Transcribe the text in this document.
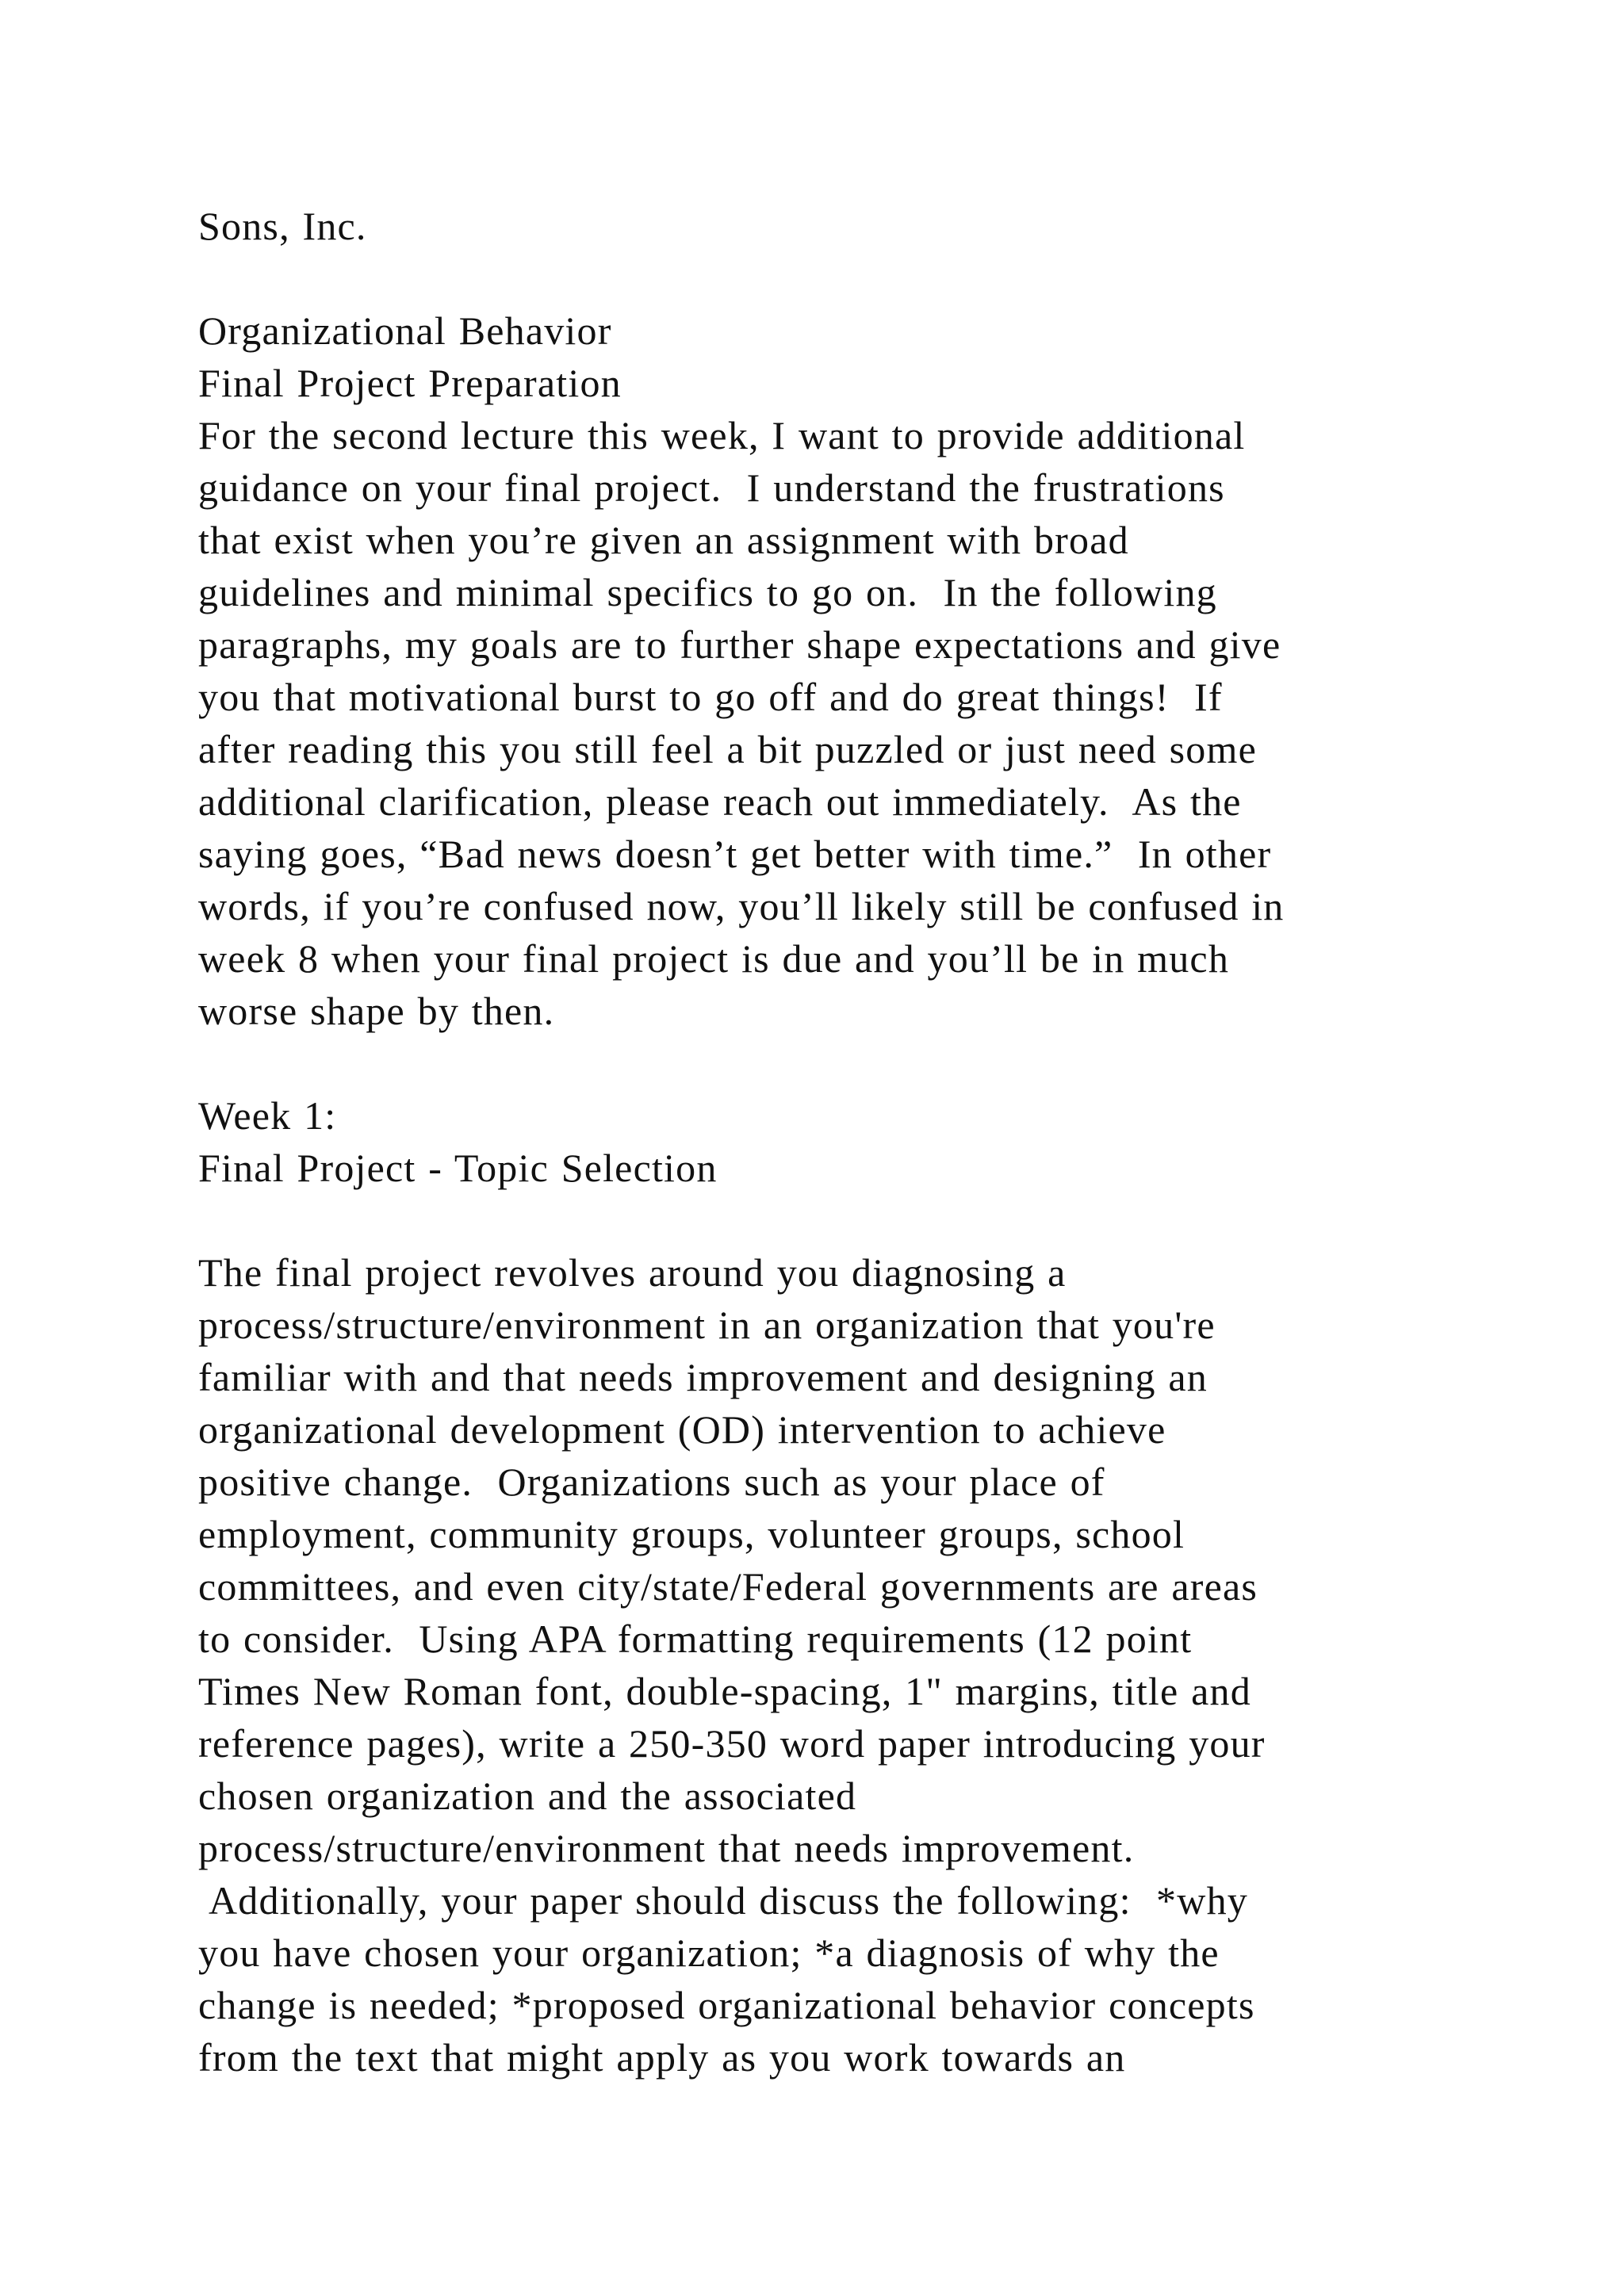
Sons, Inc.
Organizational Behavior
Final Project Preparation
For the second lecture this week, I want to provide additional
guidance on your final project.  I understand the frustrations
that exist when you’re given an assignment with broad
guidelines and minimal specifics to go on.  In the following
paragraphs, my goals are to further shape expectations and give
you that motivational burst to go off and do great things!  If
after reading this you still feel a bit puzzled or just need some
additional clarification, please reach out immediately.  As the
saying goes, “Bad news doesn’t get better with time.”  In other
words, if you’re confused now, you’ll likely still be confused in
week 8 when your final project is due and you’ll be in much
worse shape by then.
Week 1:
Final Project - Topic Selection
The final project revolves around you diagnosing a
process/structure/environment in an organization that you're
familiar with and that needs improvement and designing an
organizational development (OD) intervention to achieve
positive change.  Organizations such as your place of
employment, community groups, volunteer groups, school
committees, and even city/state/Federal governments are areas
to consider.  Using APA formatting requirements (12 point
Times New Roman font, double-spacing, 1" margins, title and
reference pages), write a 250-350 word paper introducing your
chosen organization and the associated
process/structure/environment that needs improvement.
Additionally, your paper should discuss the following:  *why
you have chosen your organization; *a diagnosis of why the
change is needed; *proposed organizational behavior concepts
from the text that might apply as you work towards an
